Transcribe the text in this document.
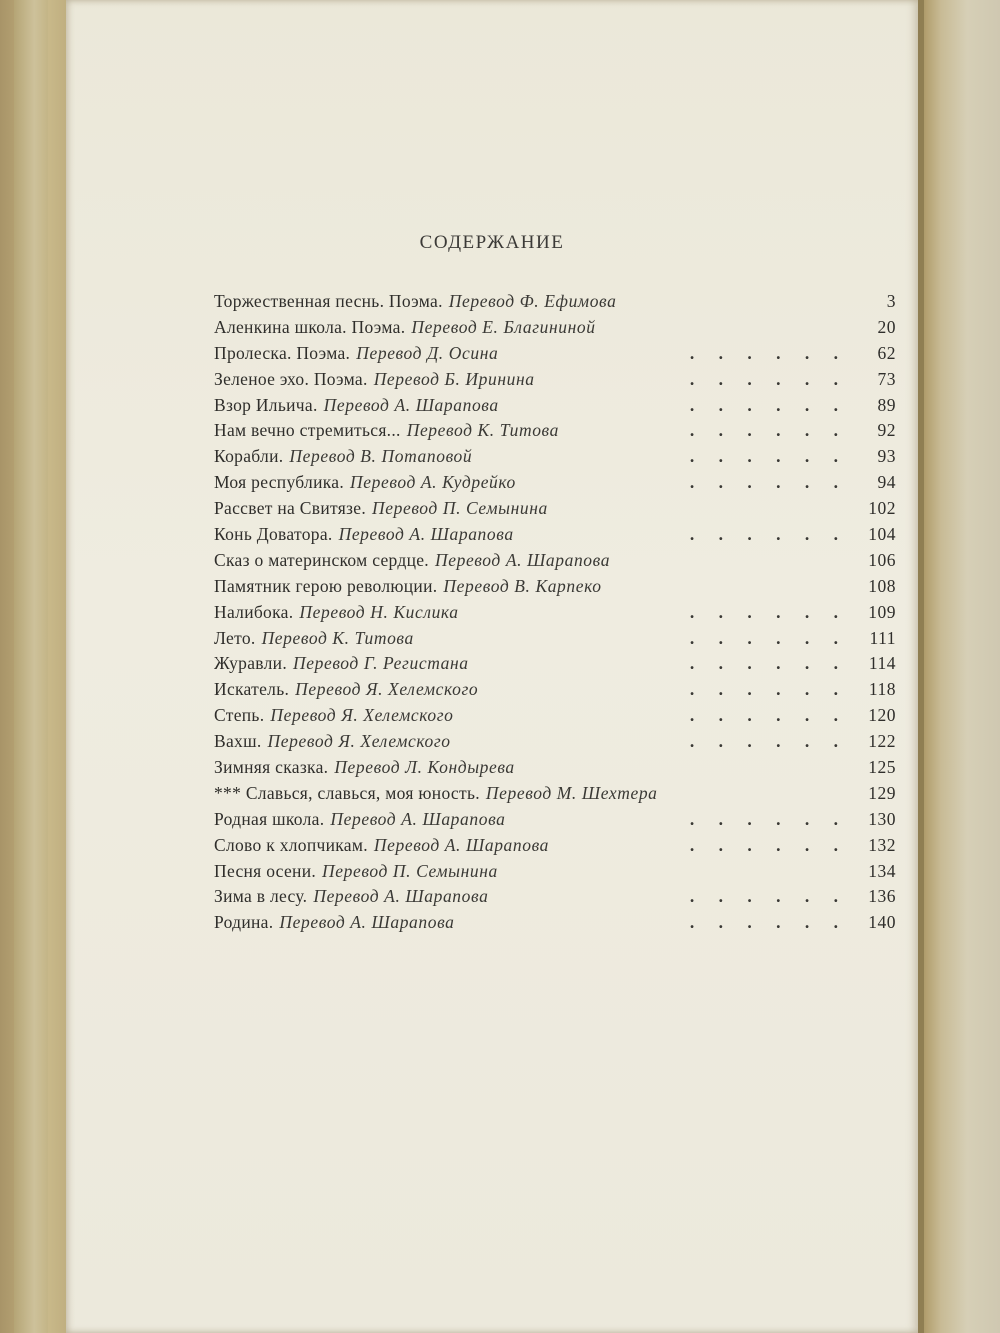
СОДЕРЖАНИЕ
Торжественная песнь. Поэма. Перевод Ф. Ефимова	3
Аленкина школа. Поэма. Перевод Е. Благининой	20
Пролеска. Поэма. Перевод Д. Осина . . .	62
Зеленое эхо. Поэма. Перевод Б. Иринина . . .	73
Взор Ильича. Перевод А. Шарапова . . .	89
Нам вечно стремиться... Перевод К. Титова . . .	92
Корабли. Перевод В. Потаповой . . .	93
Моя республика. Перевод А. Кудрейко . . .	94
Рассвет на Свитязе. Перевод П. Семынина	102
Конь Доватора. Перевод А. Шарапова . . .	104
Сказ о материнском сердце. Перевод А. Шарапова	106
Памятник герою революции. Перевод В. Карпеко	108
Налибока. Перевод Н. Кислика . . .	109
Лето. Перевод К. Титова . . .	111
Журавли. Перевод Г. Регистана . . .	114
Искатель. Перевод Я. Хелемского . . .	118
Степь. Перевод Я. Хелемского . . .	120
Вахш. Перевод Я. Хелемского . . .	122
Зимняя сказка. Перевод Л. Кондырева	125
*** Славься, славься, моя юность. Перевод М. Шехтера	129
Родная школа. Перевод А. Шарапова . . .	130
Слово к хлопчикам. Перевод А. Шарапова . . .	132
Песня осени. Перевод П. Семынина	134
Зима в лесу. Перевод А. Шарапова . . .	136
Родина. Перевод А. Шарапова . . .	140
